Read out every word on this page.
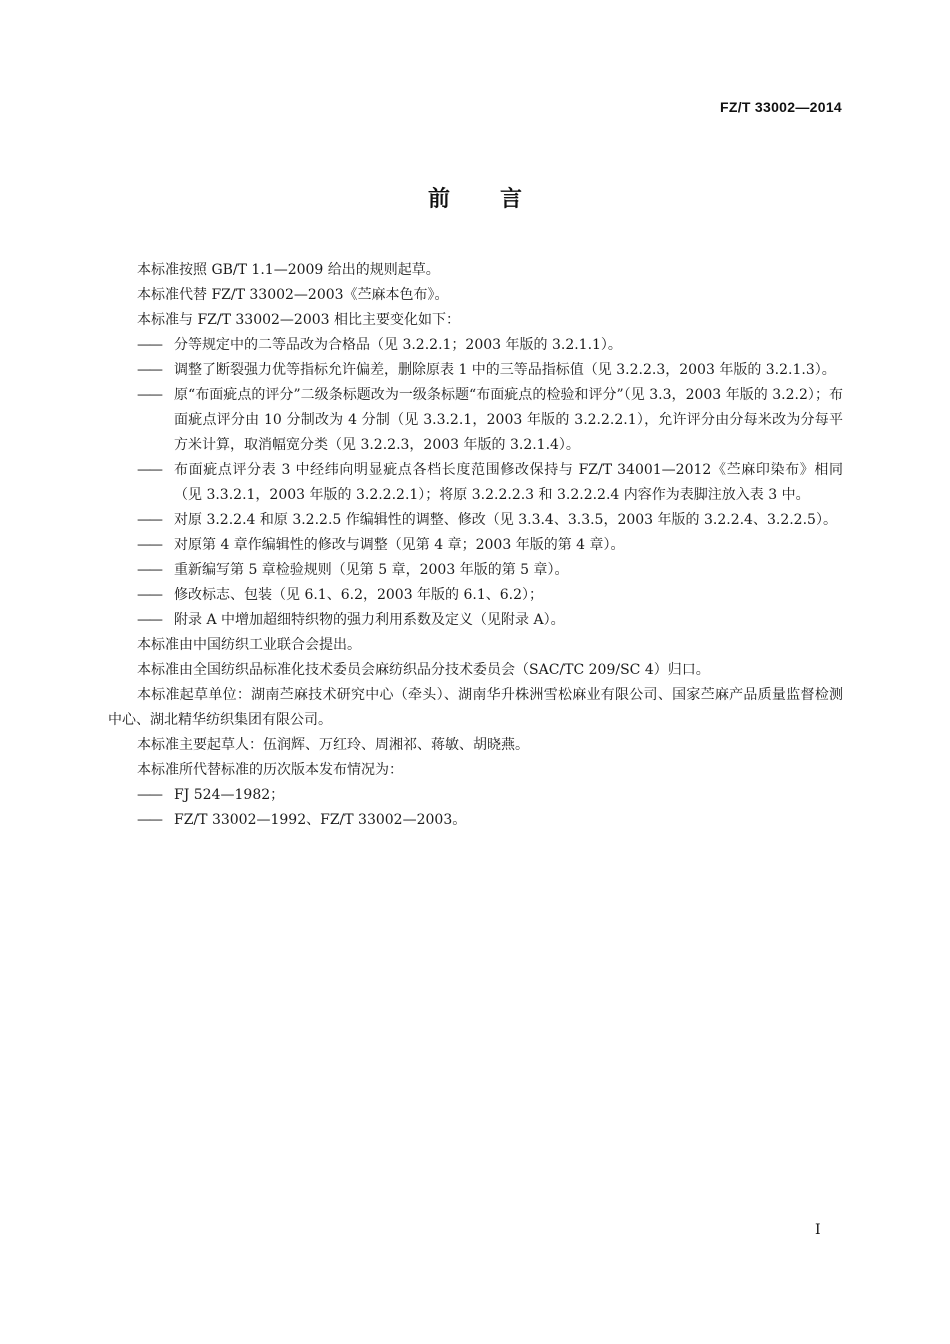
FZ/T 33002—2014
前 言

本标准按照 GB/T 1.1—2009 给出的规则起草。

本标准代替 FZ/T 33002—2003《苎麻本色布》。

本标准与 FZ/T 33002—2003 相比主要变化如下：

—— 分等规定中的二等品改为合格品（见 3.2.2.1；2003 年版的 3.2.1.1）。

—— 调整了断裂强力优等指标允许偏差，删除原表 1 中的三等品指标值（见 3.2.2.3，2003 年版的 3.2.1.3）。

—— 原“布面疵点的评分”二级条标题改为一级条标题“布面疵点的检验和评分”（见 3.3，2003 年版的 3.2.2）；布面疵点评分由 10 分制改为 4 分制（见 3.3.2.1，2003 年版的 3.2.2.2.1），允许评分由分每米改为分每平方米计算，取消幅宽分类（见 3.2.2.3，2003 年版的 3.2.1.4）。

—— 布面疵点评分表 3 中经纬向明显疵点各档长度范围修改保持与 FZ/T 34001—2012《苎麻印染布》相同（见 3.3.2.1，2003 年版的 3.2.2.2.1）；将原 3.2.2.2.3 和 3.2.2.2.4 内容作为表脚注放入表 3 中。

—— 对原 3.2.2.4 和原 3.2.2.5 作编辑性的调整、修改（见 3.3.4、3.3.5，2003 年版的 3.2.2.4、3.2.2.5）。

—— 对原第 4 章作编辑性的修改与调整（见第 4 章；2003 年版的第 4 章）。

—— 重新编写第 5 章检验规则（见第 5 章，2003 年版的第 5 章）。

—— 修改标志、包装（见 6.1、6.2，2003 年版的 6.1、6.2）；

—— 附录 A 中增加超细特织物的强力利用系数及定义（见附录 A）。

本标准由中国纺织工业联合会提出。

本标准由全国纺织品标准化技术委员会麻纺织品分技术委员会（SAC/TC 209/SC 4）归口。

本标准起草单位：湖南苎麻技术研究中心（牵头）、湖南华升株洲雪松麻业有限公司、国家苎麻产品质量监督检测中心、湖北精华纺织集团有限公司。

本标准主要起草人：伍润辉、万红玲、周湘祁、蒋敏、胡晓燕。

本标准所代替标准的历次版本发布情况为：

—— FJ 524—1982；

—— FZ/T 33002—1992、FZ/T 33002—2003。

I
